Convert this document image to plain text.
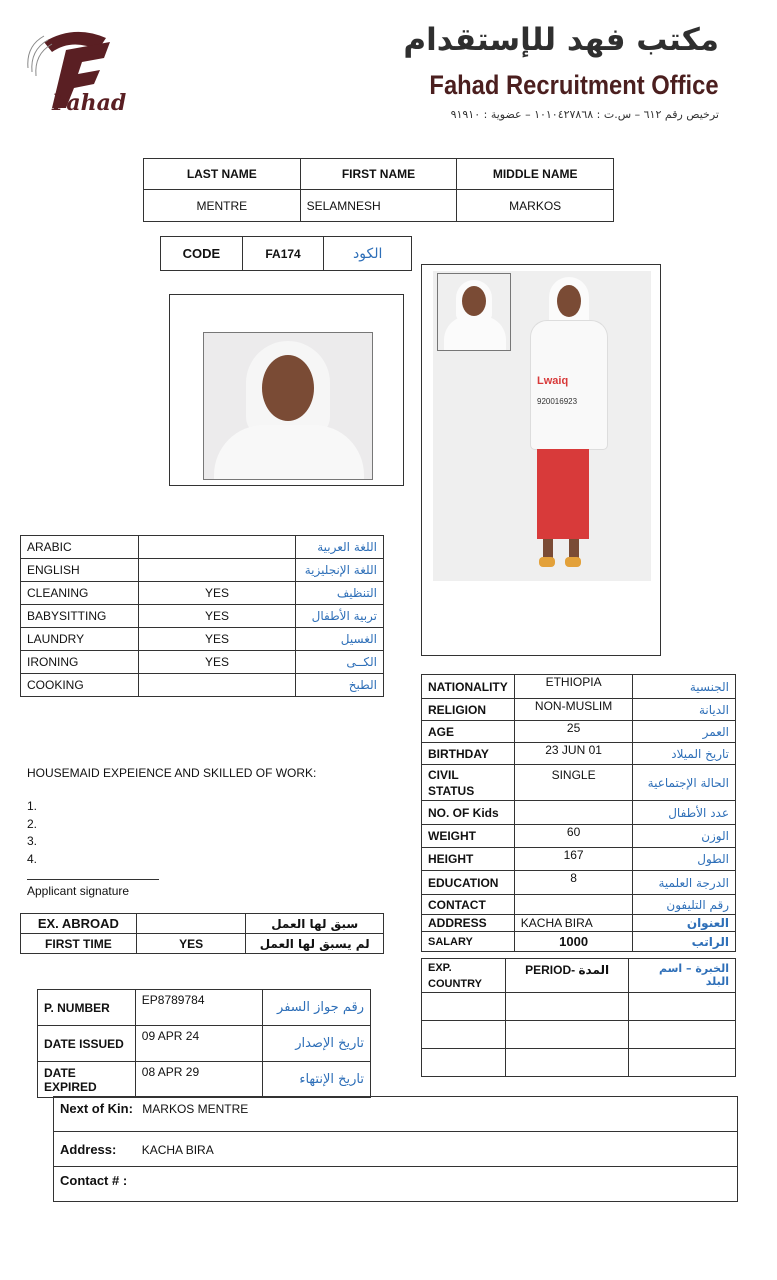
Fahad
مكتب فهد للإستقدام
Fahad Recruitment Office
ترخيص رقم ٦١٢ – س.ت : ١٠١٠٤٢٧٨٦٨ – عضوية : ٩١٩١٠
LAST NAME	FIRST NAME	MIDDLE NAME
MENTRE	SELAMNESH	MARKOS
CODE	FA174	الكود
Lwaiq
920016923
ARABIC		اللغة العربية
ENGLISH		اللغة الإنجليزية
CLEANING	YES	التنظيف
BABYSITTING	YES	تربية الأطفال
LAUNDRY	YES	الغسيل
IRONING	YES	الكــى
COOKING		الطبخ
HOUSEMAID EXPEIENCE AND SKILLED OF WORK:
1.
2.
3.
4.
Applicant signature
EX. ABROAD		سبق لها العمل
FIRST TIME	YES	لم يسبق لها العمل
P. NUMBER	EP8789784	رقم جواز السفر
DATE ISSUED	09 APR 24	تاريخ الإصدار
DATE EXPIRED	08 APR 29	تاريخ الإنتهاء
NATIONALITY	ETHIOPIA	الجنسية
RELIGION	NON-MUSLIM	الديانة
AGE	25	العمر
BIRTHDAY	23 JUN 01	تاريخ الميلاد
CIVIL STATUS	SINGLE	الحالة الإجتماعية
NO. OF Kids		عدد الأطفال
WEIGHT	60	الوزن
HEIGHT	167	الطول
EDUCATION	8	الدرجة العلمية
CONTACT		رقم التليفون
ADDRESS	KACHA BIRA	العنوان
SALARY	1000	الراتب
EXP. COUNTRY	PERIOD- المدة	الخبرة – اسم البلد

Next of Kin: MARKOS MENTRE
Address: KACHA BIRA
Contact # :
